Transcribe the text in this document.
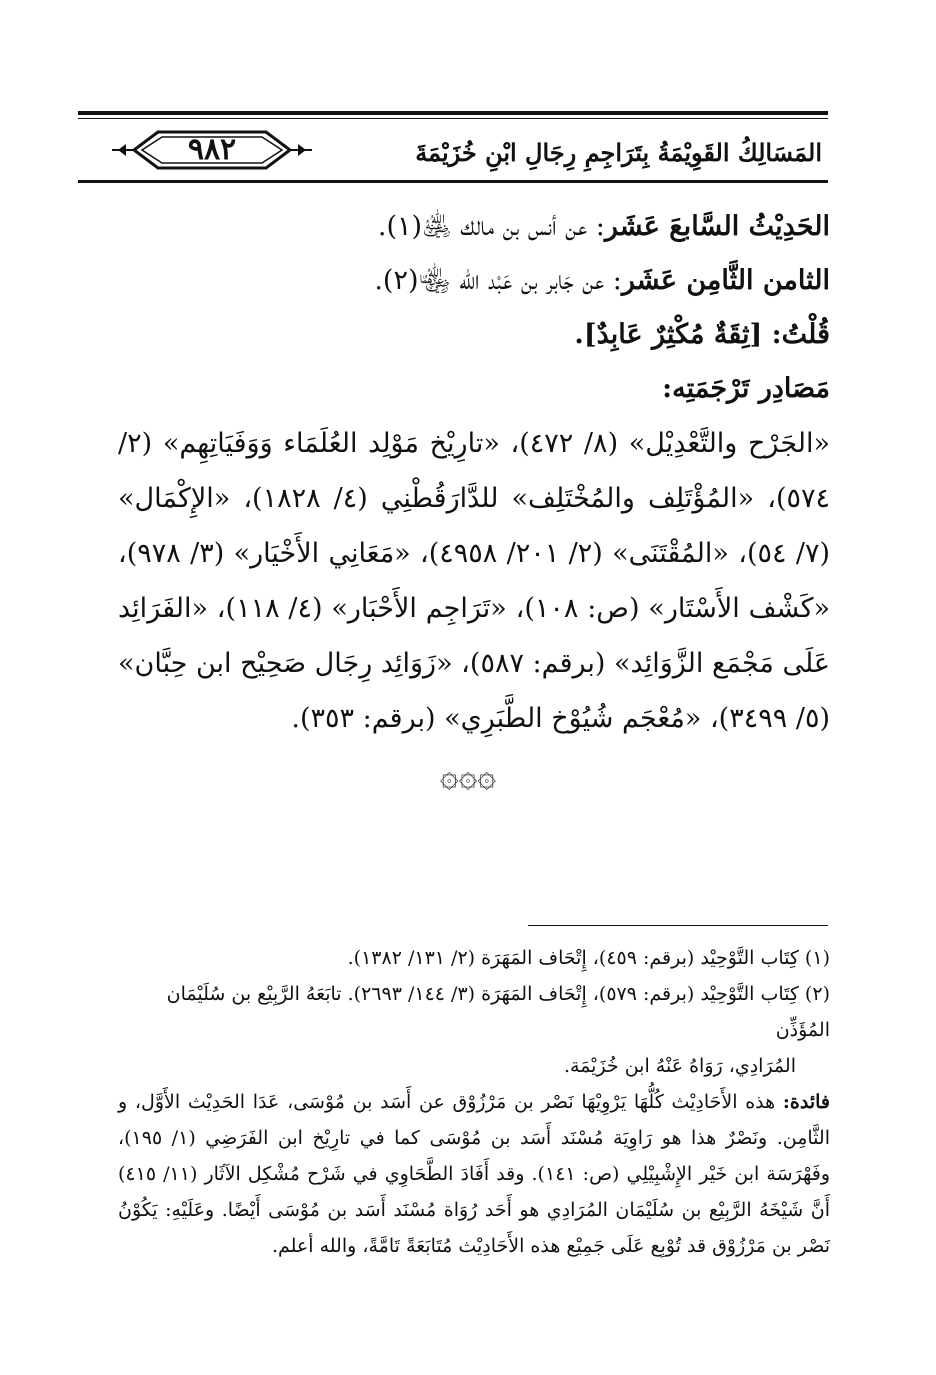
٩٨٢	المَسَالِكُ القَوِيْمَةُ بِتَرَاجِمِ رِجَالِ ابْنِ خُزَيْمَةَ

الحَدِيْثُ السَّابعَ عَشَر: عن أنس بن مالك ﵁(١).

الثامن الثَّامِن عَشَر: عن جَابر بن عَبْد الله ﵄(٢).

قُلْتُ: [ثِقَةٌ مُكْثِرٌ عَابِدٌ].

مَصَادِر تَرْجَمَتِه:

«الجَرْح والتَّعْدِيْل» (٨/ ٤٧٢)، «تارِيْخ مَوْلِد العُلَمَاء وَوَفَيَاتِهِم» (٢/ ٥٧٤)، «المُؤْتَلِف والمُخْتَلِف» للدَّارَقُطْنِي (٤/ ١٨٢٨)، «الإِكْمَال» (٧/ ٥٤)، «المُقْتَنَى» (٢/ ٢٠١/ ٤٩٥٨)، «مَعَانِي الأَخْيَار» (٣/ ٩٧٨)، «كَشْف الأَسْتَار» (ص: ١٠٨)، «تَرَاجِم الأَحْبَار» (٤/ ١١٨)، «الفَرَائِد عَلَى مَجْمَع الزَّوَائِد» (برقم: ٥٨٧)، «زَوَائِد رِجَال صَحِيْح ابن حِبَّان» (٥/ ٣٤٩٩)، «مُعْجَم شُيُوْخ الطَّبَرِي» (برقم: ٣٥٣).

۞۞۞

(١) كِتَاب التَّوْحِيْد (برقم: ٤٥٩)، إِتْحَاف المَهَرَة (٢/ ١٣١/ ١٣٨٢).

(٢) كِتَاب التَّوْحِيْد (برقم: ٥٧٩)، إِتْحَاف المَهَرَة (٣/ ١٤٤/ ٢٦٩٣). تابَعَهُ الرَّبِيْع بن سُلَيْمَان المُؤَذِّن

المُرَادِي، رَوَاهُ عَنْهُ ابن خُزَيْمَة.

فائدة: هذه الأَحَادِيْث كُلُّهَا يَرْوِيْهَا نَصْر بن مَرْزُوْق عن أَسَد بن مُوْسَى، عَدَا الحَدِيْث الأَوَّل، و الثَّامِن. ونَصْرٌ هذا هو رَاوِيَة مُسْنَد أَسَد بن مُوْسَى كما في تارِيْخ ابن الفَرَضِي (١/ ١٩٥)، وفَهْرَسَة ابن خَيْر الإِشْبِيْلِي (ص: ١٤١). وقد أَفَادَ الطَّحَاوِي في شَرْح مُشْكِل الآثَار (١١/ ٤١٥) أَنَّ شَيْخَهُ الرَّبِيْع بن سُلَيْمَان المُرَادِي هو أَحَد رُوَاة مُسْنَد أَسَد بن مُوْسَى أَيْضًا. وعَلَيْهِ: يَكُوْنُ نَصْر بن مَرْزُوْق قد تُوْبِع عَلَى جَمِيْع هذه الأَحَادِيْث مُتَابَعَةً تَامَّةً، والله أعلم.
